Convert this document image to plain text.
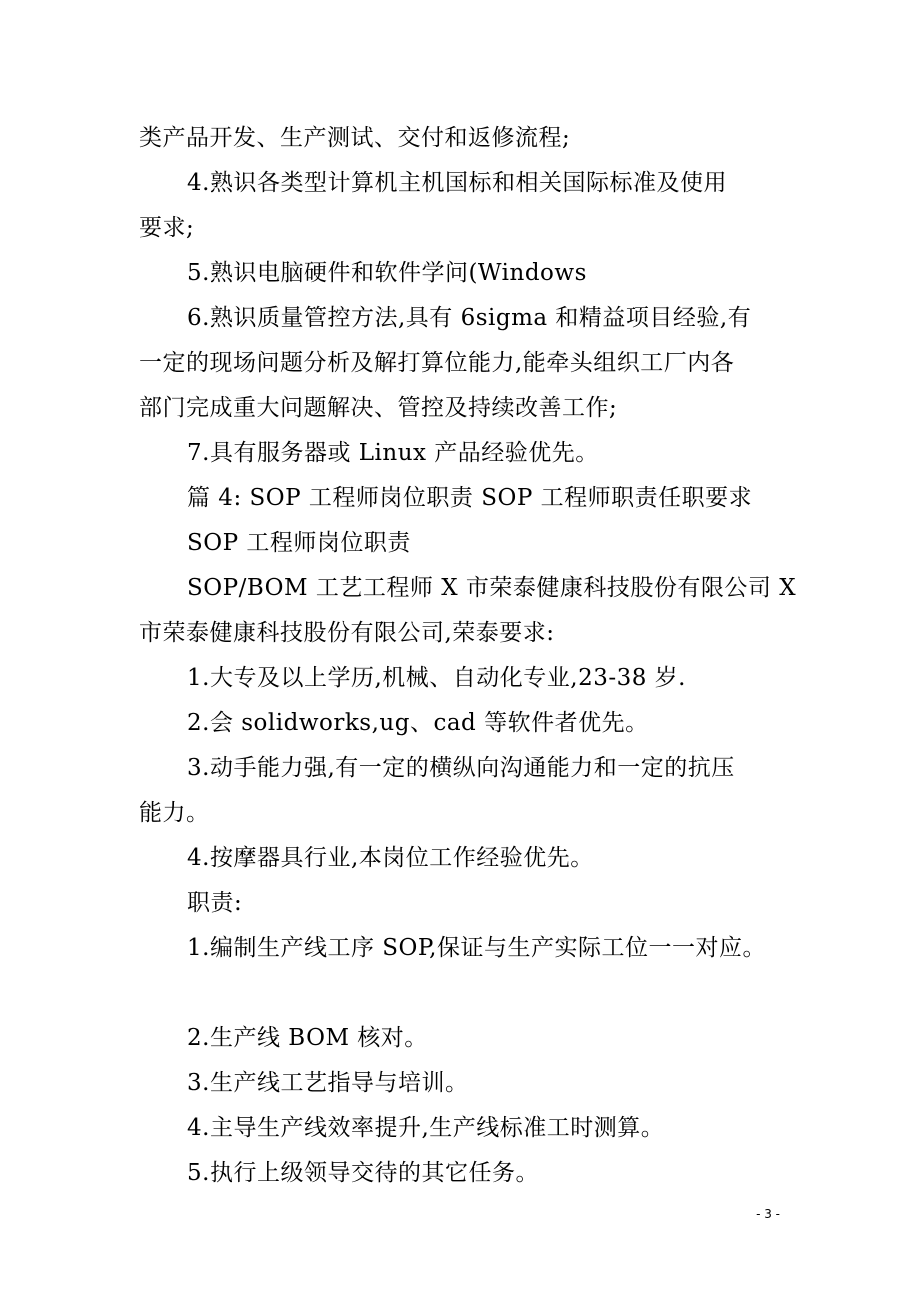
类产品开发、生产测试、交付和返修流程;
4.熟识各类型计算机主机国标和相关国际标准及使用
要求;
5.熟识电脑硬件和软件学问(Windows
6.熟识质量管控方法,具有 6sigma 和精益项目经验,有
一定的现场问题分析及解打算位能力,能牵头组织工厂内各
部门完成重大问题解决、管控及持续改善工作;
7.具有服务器或 Linux 产品经验优先。
篇 4: SOP 工程师岗位职责 SOP 工程师职责任职要求
SOP 工程师岗位职责
SOP/BOM 工艺工程师 X 市荣泰健康科技股份有限公司 X
市荣泰健康科技股份有限公司,荣泰要求:
1.大专及以上学历,机械、自动化专业,23-38 岁.
2.会 solidworks,ug、cad 等软件者优先。
3.动手能力强,有一定的横纵向沟通能力和一定的抗压
能力。
4.按摩器具行业,本岗位工作经验优先。
职责:
1.编制生产线工序 SOP,保证与生产实际工位一一对应。
2.生产线 BOM 核对。
3.生产线工艺指导与培训。
4.主导生产线效率提升,生产线标准工时测算。
5.执行上级领导交待的其它任务。
- 3 -
